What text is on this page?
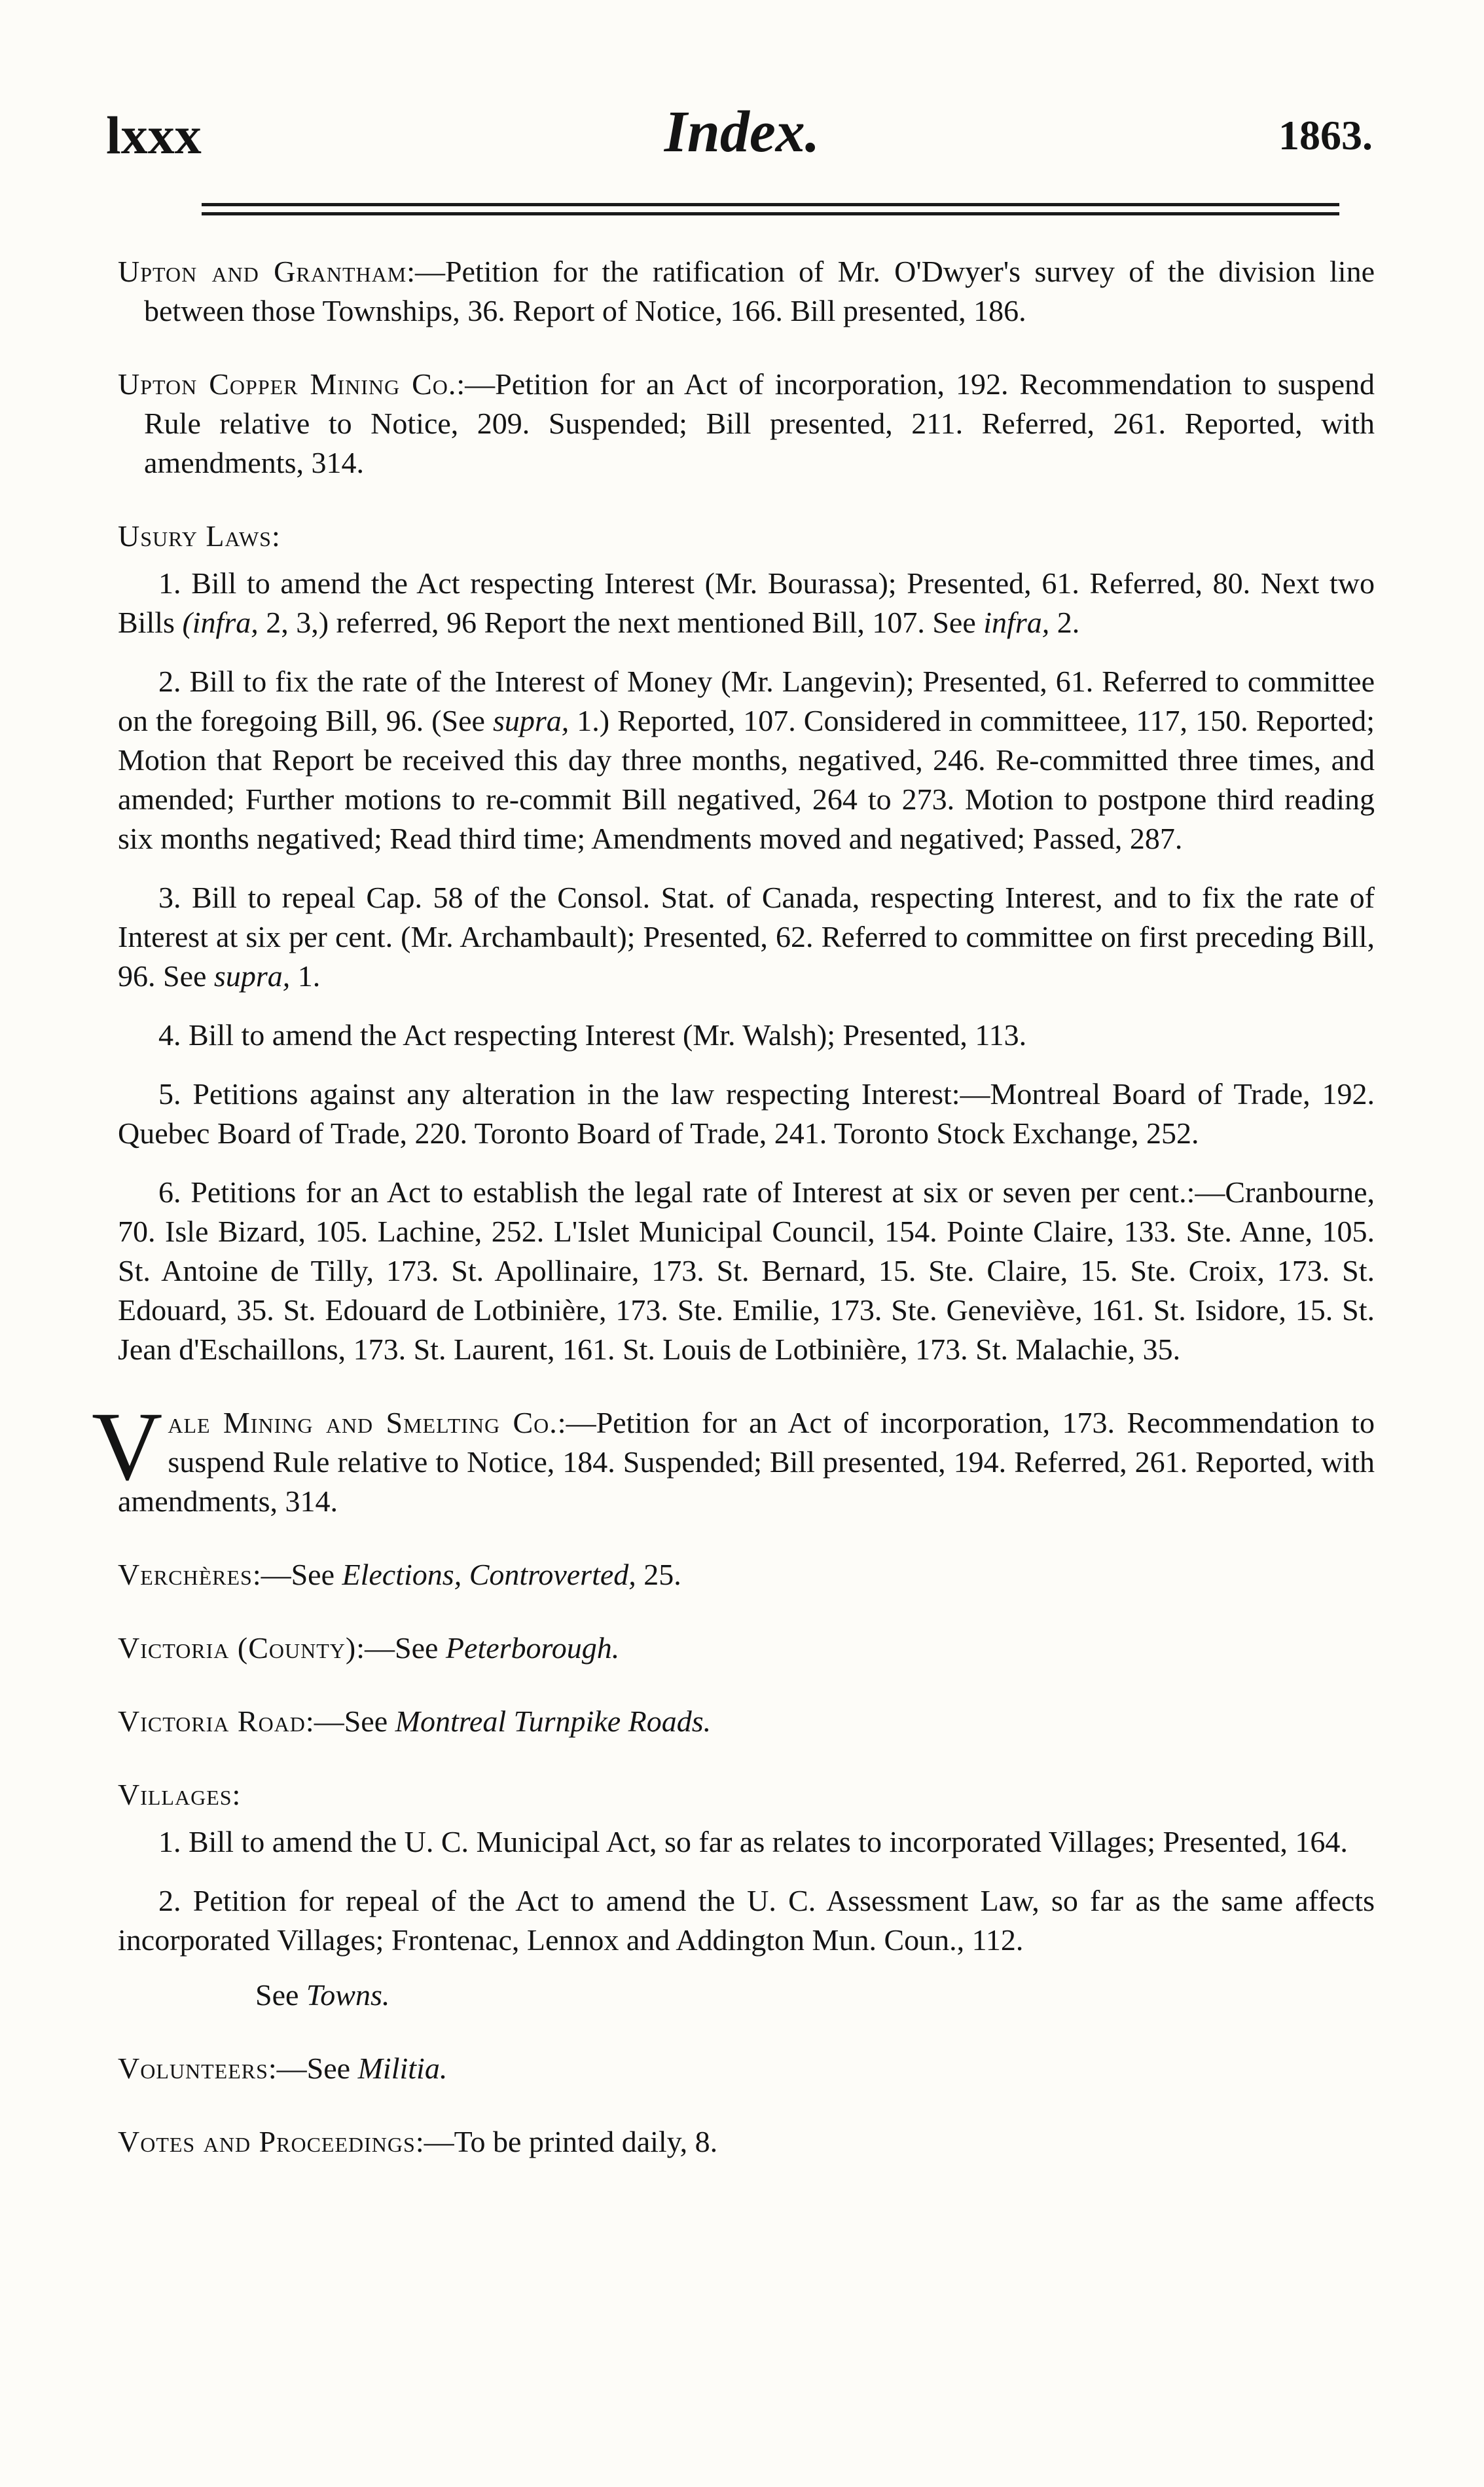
lxxx	Index.	1863.

Upton and Grantham:—Petition for the ratification of Mr. O'Dwyer's survey of the division line between those Townships, 36. Report of Notice, 166. Bill presented, 186.

Upton Copper Mining Co.:—Petition for an Act of incorporation, 192. Recommendation to suspend Rule relative to Notice, 209. Suspended; Bill presented, 211. Referred, 261. Reported, with amendments, 314.

Usury Laws:

1. Bill to amend the Act respecting Interest (Mr. Bourassa); Presented, 61. Referred, 80. Next two Bills (infra, 2, 3,) referred, 96 Report the next mentioned Bill, 107. See infra, 2.

2. Bill to fix the rate of the Interest of Money (Mr. Langevin); Presented, 61. Referred to committee on the foregoing Bill, 96. (See supra, 1.) Reported, 107. Considered in committeee, 117, 150. Reported; Motion that Report be received this day three months, negatived, 246. Re-committed three times, and amended; Further motions to re-commit Bill negatived, 264 to 273. Motion to postpone third reading six months negatived; Read third time; Amendments moved and negatived; Passed, 287.

3. Bill to repeal Cap. 58 of the Consol. Stat. of Canada, respecting Interest, and to fix the rate of Interest at six per cent. (Mr. Archambault); Presented, 62. Referred to committee on first preceding Bill, 96. See supra, 1.

4. Bill to amend the Act respecting Interest (Mr. Walsh); Presented, 113.

5. Petitions against any alteration in the law respecting Interest:—Montreal Board of Trade, 192. Quebec Board of Trade, 220. Toronto Board of Trade, 241. Toronto Stock Exchange, 252.

6. Petitions for an Act to establish the legal rate of Interest at six or seven per cent.:—Cranbourne, 70. Isle Bizard, 105. Lachine, 252. L'Islet Municipal Council, 154. Pointe Claire, 133. Ste. Anne, 105. St. Antoine de Tilly, 173. St. Apollinaire, 173. St. Bernard, 15. Ste. Claire, 15. Ste. Croix, 173. St. Edouard, 35. St. Edouard de Lotbinière, 173. Ste. Emilie, 173. Ste. Geneviève, 161. St. Isidore, 15. St. Jean d'Eschaillons, 173. St. Laurent, 161. St. Louis de Lotbinière, 173. St. Malachie, 35.

Vale Mining and Smelting Co.:—Petition for an Act of incorporation, 173. Recommendation to suspend Rule relative to Notice, 184. Suspended; Bill presented, 194. Referred, 261. Reported, with amendments, 314.

Verchères:—See Elections, Controverted, 25.

Victoria (County):—See Peterborough.

Victoria Road:—See Montreal Turnpike Roads.

Villages:

1. Bill to amend the U. C. Municipal Act, so far as relates to incorporated Villages; Presented, 164.

2. Petition for repeal of the Act to amend the U. C. Assessment Law, so far as the same affects incorporated Villages; Frontenac, Lennox and Addington Mun. Coun., 112.

See Towns.

Volunteers:—See Militia.

Votes and Proceedings:—To be printed daily, 8.
